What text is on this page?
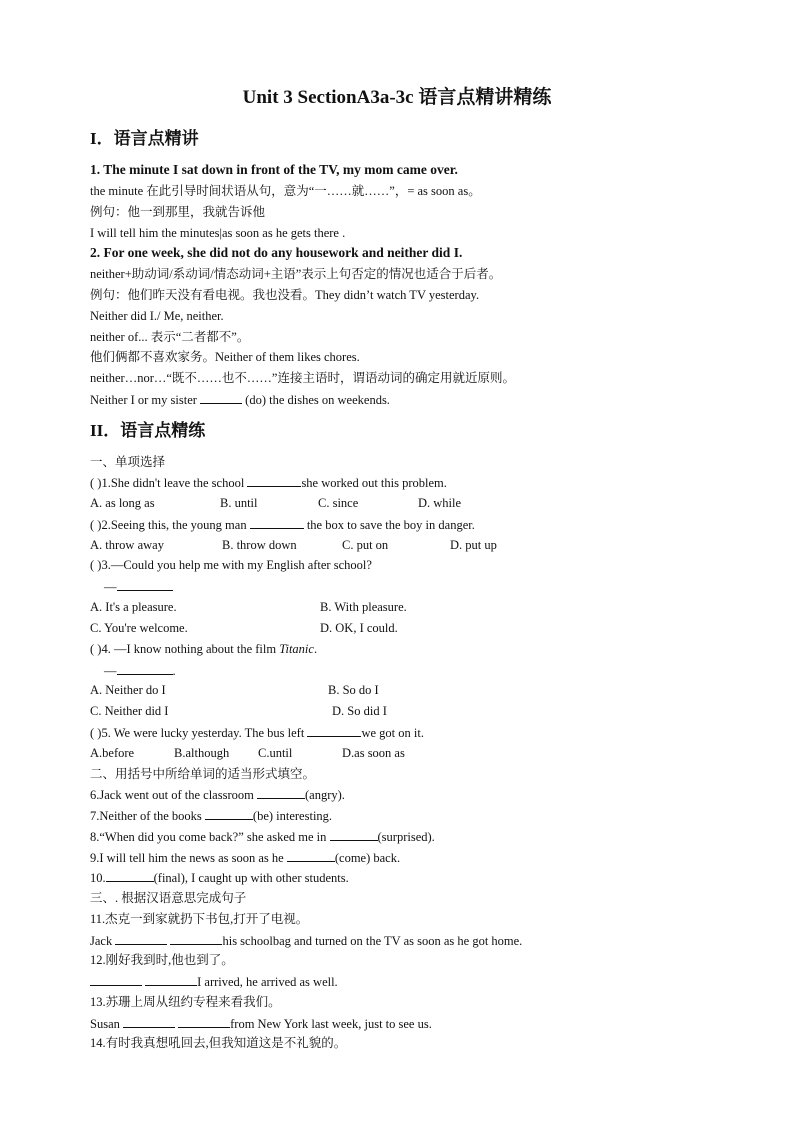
Unit 3 SectionA3a-3c 语言点精讲精练
I．语言点精讲
1. The minute I sat down in front of the TV, my mom came over.
the minute 在此引导时间状语从句，意为“一……就……”，= as soon as。
例句：他一到那里，我就告诉他
I will tell him the minutes|as soon as he gets there .
2. For one week, she did not do any housework and neither did I.
neither+助动词/系动词/情态动词+主语”表示上句否定的情况也适合于后者。
例句：他们昨天没有看电视。我也没看。They didn’t watch TV yesterday.
Neither did I./ Me, neither.
neither of... 表示“二者都不”。
他们俩都不喜欢家务。Neither of them likes chores.
neither…nor…“既不……也不……”连接主语时，谓语动词的确定用就近原则。
Neither I or my sister	(do) the dishes on weekends.
II．语言点精练
一、单项选择
( )1.She didn't leave the school	she worked out this problem.
A. as long as	B. until	C. since	D. while
( )2.Seeing this, the young man	the box to save the boy in danger.
A. throw away	B. throw down	C. put on	D. put up
( )3.—Could you help me with my English after school?
—
A. It's a pleasure.	B. With pleasure.
C. You're welcome.	D. OK, I could.
( )4. —I know nothing about the film Titanic.
—	.
A. Neither do I	B. So do I
C. Neither did I	D. So did I
( )5. We were lucky yesterday. The bus left	we got on it.
A.before	B.although C.until	D.as soon as
二、用括号中所给单词的适当形式填空。
6.Jack went out of the classroom	(angry).
7.Neither of the books	(be) interesting.
8.“When did you come back?” she asked me in	(surprised).
9.I will tell him the news as soon as he	(come) back.
10.	(final), I caught up with other students.
三、. 根据汉语意思完成句子
11.杰克一到家就扔下书包,打开了电视。
Jack	his schoolbag and turned on the TV as soon as he got home.
12.刚好我到时,他也到了。
I arrived, he arrived as well.
13.苏珊上周从纽约专程来看我们。
Susan	from New York last week, just to see us.
14.有时我真想吼回去,但我知道这是不礼貌的。
